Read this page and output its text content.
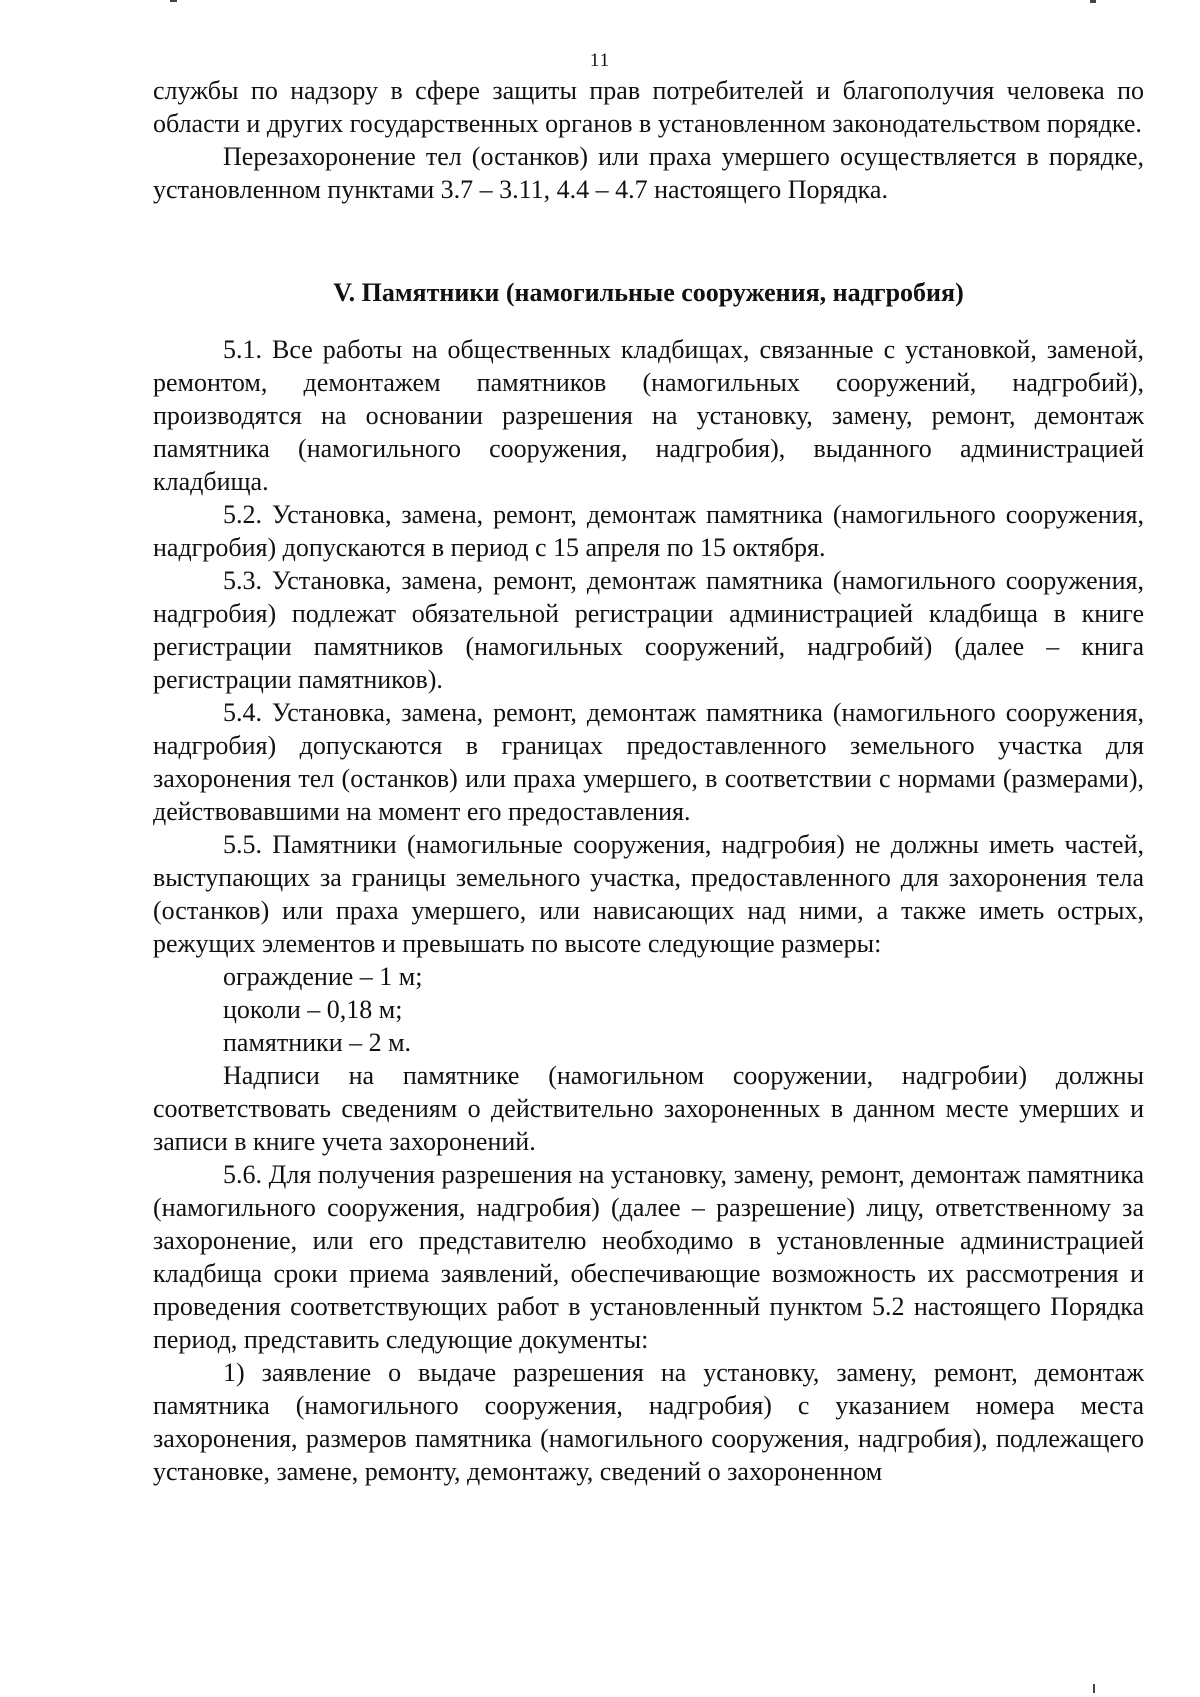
11

службы по надзору в сфере защиты прав потребителей и благополучия человека по области и других государственных органов в установленном законодательством порядке.

Перезахоронение тел (останков) или праха умершего осуществляется в порядке, установленном пунктами 3.7 – 3.11, 4.4 – 4.7 настоящего Порядка.

V. Памятники (намогильные сооружения, надгробия)

5.1. Все работы на общественных кладбищах, связанные с установкой, заменой, ремонтом, демонтажем памятников (намогильных сооружений, надгробий), производятся на основании разрешения на установку, замену, ремонт, демонтаж памятника (намогильного сооружения, надгробия), выданного администрацией кладбища.

5.2. Установка, замена, ремонт, демонтаж памятника (намогильного сооружения, надгробия) допускаются в период с 15 апреля по 15 октября.

5.3. Установка, замена, ремонт, демонтаж памятника (намогильного сооружения, надгробия) подлежат обязательной регистрации администрацией кладбища в книге регистрации памятников (намогильных сооружений, надгробий) (далее – книга регистрации памятников).

5.4. Установка, замена, ремонт, демонтаж памятника (намогильного сооружения, надгробия) допускаются в границах предоставленного земельного участка для захоронения тел (останков) или праха умершего, в соответствии с нормами (размерами), действовавшими на момент его предоставления.

5.5. Памятники (намогильные сооружения, надгробия) не должны иметь частей, выступающих за границы земельного участка, предоставленного для захоронения тела (останков) или праха умершего, или нависающих над ними, а также иметь острых, режущих элементов и превышать по высоте следующие размеры:

ограждение – 1 м;

цоколи – 0,18 м;

памятники – 2 м.

Надписи на памятнике (намогильном сооружении, надгробии) должны соответствовать сведениям о действительно захороненных в данном месте умерших и записи в книге учета захоронений.

5.6. Для получения разрешения на установку, замену, ремонт, демонтаж памятника (намогильного сооружения, надгробия) (далее – разрешение) лицу, ответственному за захоронение, или его представителю необходимо в установленные администрацией кладбища сроки приема заявлений, обеспечивающие возможность их рассмотрения и проведения соответствующих работ в установленный пунктом 5.2 настоящего Порядка период, представить следующие документы:

1) заявление о выдаче разрешения на установку, замену, ремонт, демонтаж памятника (намогильного сооружения, надгробия) с указанием номера места захоронения, размеров памятника (намогильного сооружения, надгробия), подлежащего установке, замене, ремонту, демонтажу, сведений о захороненном
